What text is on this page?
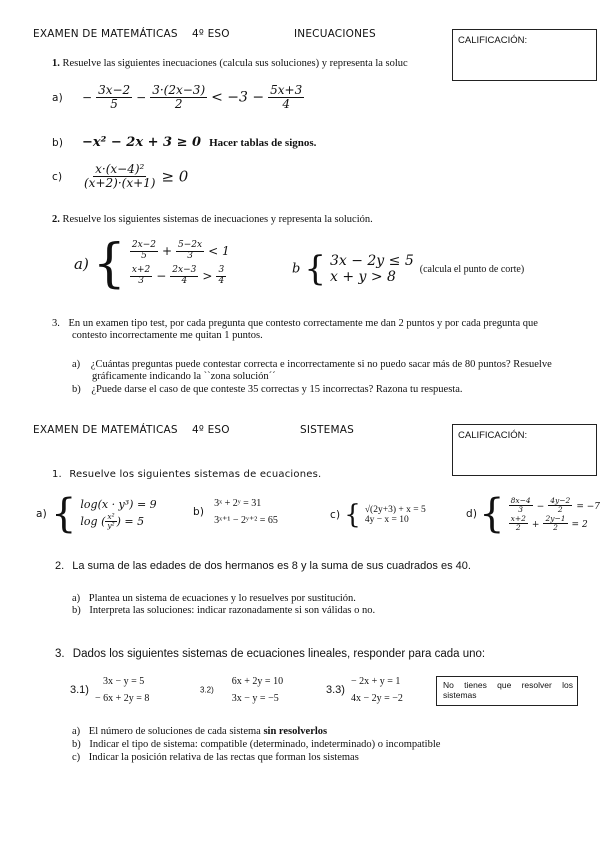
EXAMEN DE MATEMÁTICAS 4º ESO	INECUACIONES
CALIFICACIÓN:
1. Resuelve las siguientes inecuaciones (calcula sus soluciones) y representa la soluc
$a) - \frac{3x-2}{5} - \frac{3\cdot(2x-3)}{2} < -3 - \frac{5x+3}{4}$
b) −x² − 2x + 3 ≥ 0 Hacer tablas de signos.
$c) \frac{\text{x·(x−4)²}}{(x+2)\cdot(x+1)} \ge 0$
2. Resuelve los siguientes sistemas de inecuaciones y representa la solución.
a) { $\frac{2x-2}{5} + \frac{5-2x}{3} < 1$
$\frac{x+2}{3} - \frac{2x-3}{4} > \frac{3}{4}$	b { 3x − 2y ≤ 5
x + y > 8	(calcula el punto de corte)
3. En un examen tipo test, por cada pregunta que contesto correctamente me dan 2 puntos y por cada pregunta que
contesto incorrectamente me quitan 1 puntos.
a) ¿Cuántas preguntas puede contestar correcta e incorrectamente si no puedo sacar más de 80 puntos? Resuelve
gráficamente indicando la ``zona solución´´
b) ¿Puede darse el caso de que conteste 35 correctas y 15 incorrectas? Razona tu respuesta.
EXAMEN DE MATEMÁTICAS 4º ESO	SISTEMAS	CALIFICACIÓN:
1. Resuelve los siguientes sistemas de ecuaciones.
a) { log(x · y³) = 9
log ( $\frac{\text{x²}}{\text{y²}}$ ) = 5
b)
3ˣ + 2ʸ = 31
3ˣ⁺¹ − 2ʸ⁺² = 65	c) { √(2y+3) + x = 5
4y − x = 10	d) { $\frac{8x-4}{3} - \frac{4y-2}{2} = -7$
$\frac{x+2}{2} + \frac{2y-1}{2} = 2$
2. La suma de las edades de dos hermanos es 8 y la suma de sus cuadrados es 40.
a) Plantea un sistema de ecuaciones y lo resuelves por sustitución.
b) Interpreta las soluciones: indicar razonadamente si son válidas o no.
3. Dados los siguientes sistemas de ecuaciones lineales, responder para cada uno:
3.1)
3x − y = 5
− 6x + 2y = 8
3.2)
6x + 2y = 10
3x − y = −5
3.3)
− 2x + y = 1
4x − 2y = −2
No tienes que resolver los sistemas
a) El número de soluciones de cada sistema sin resolverlos
b) Indicar el tipo de sistema: compatible (determinado, indeterminado) o incompatible
c) Indicar la posición relativa de las rectas que forman los sistemas
